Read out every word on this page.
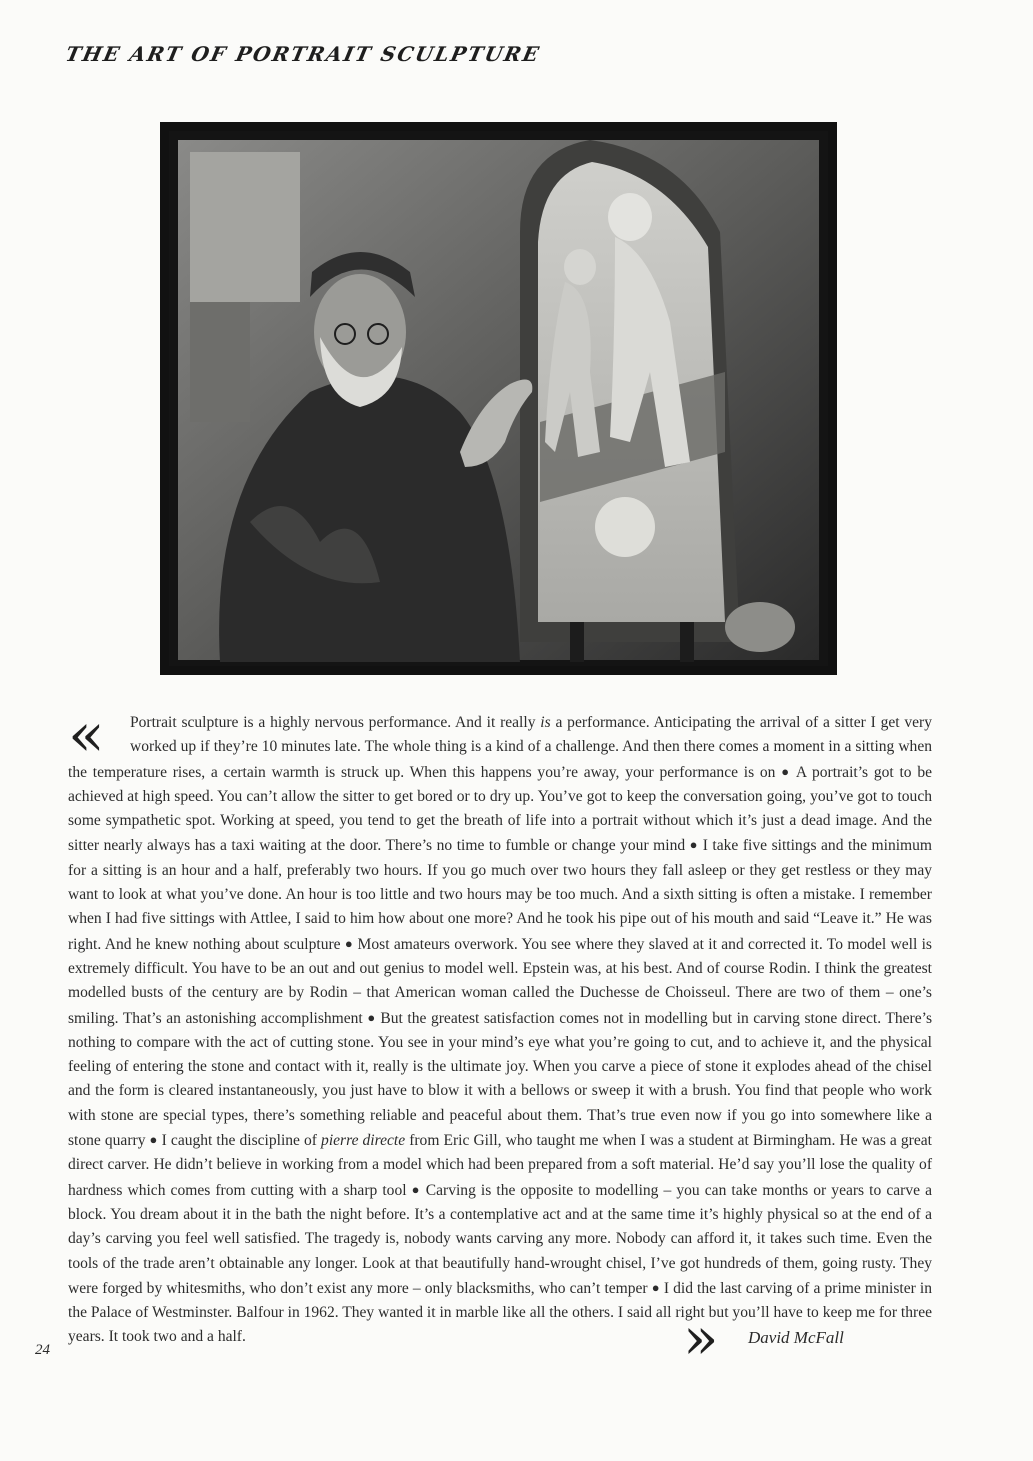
THE ART OF PORTRAIT SCULPTURE
«	Portrait sculpture is a highly nervous performance. And it really is a performance. Anticipating the arrival of a sitter I get very worked up if they’re 10 minutes late. The whole thing is a kind of a challenge. And then there comes a moment in a sitting when the temperature rises, a certain warmth is struck up. When this happens you’re away, your performance is on ● A portrait’s got to be achieved at high speed. You can’t allow the sitter to get bored or to dry up. You’ve got to keep the conversation going, you’ve got to touch some sympathetic spot. Working at speed, you tend to get the breath of life into a portrait without which it’s just a dead image. And the sitter nearly always has a taxi waiting at the door. There’s no time to fumble or change your mind ● I take five sittings and the minimum for a sitting is an hour and a half, preferably two hours. If you go much over two hours they fall asleep or they get restless or they may want to look at what you’ve done. An hour is too little and two hours may be too much. And a sixth sitting is often a mistake. I remember when I had five sittings with Attlee, I said to him how about one more? And he took his pipe out of his mouth and said “Leave it.” He was right. And he knew nothing about sculpture ● Most amateurs overwork. You see where they slaved at it and corrected it. To model well is extremely difficult. You have to be an out and out genius to model well. Epstein was, at his best. And of course Rodin. I think the greatest modelled busts of the century are by Rodin – that American woman called the Duchesse de Choisseul. There are two of them – one’s smiling. That’s an astonishing accomplishment ● But the greatest satisfaction comes not in modelling but in carving stone direct. There’s nothing to compare with the act of cutting stone. You see in your mind’s eye what you’re going to cut, and to achieve it, and the physical feeling of entering the stone and contact with it, really is the ultimate joy. When you carve a piece of stone it explodes ahead of the chisel and the form is cleared instantaneously, you just have to blow it with a bellows or sweep it with a brush. You find that people who work with stone are special types, there’s something reliable and peaceful about them. That’s true even now if you go into somewhere like a stone quarry ● I caught the discipline of pierre directe from Eric Gill, who taught me when I was a student at Birmingham. He was a great direct carver. He didn’t believe in working from a model which had been prepared from a soft material. He’d say you’ll lose the quality of hardness which comes from cutting with a sharp tool ● Carving is the opposite to modelling – you can take months or years to carve a block. You dream about it in the bath the night before. It’s a contemplative act and at the same time it’s highly physical so at the end of a day’s carving you feel well satisfied. The tragedy is, nobody wants carving any more. Nobody can afford it, it takes such time. Even the tools of the trade aren’t obtainable any longer. Look at that beautifully hand-wrought chisel, I’ve got hundreds of them, going rusty. They were forged by whitesmiths, who don’t exist any more – only blacksmiths, who can’t temper ● I did the last carving of a prime minister in the Palace of Westminster. Balfour in 1962. They wanted it in marble like all the others. I said all right but you’ll have to keep me for three years. It took two and a half.	» David McFall
24
